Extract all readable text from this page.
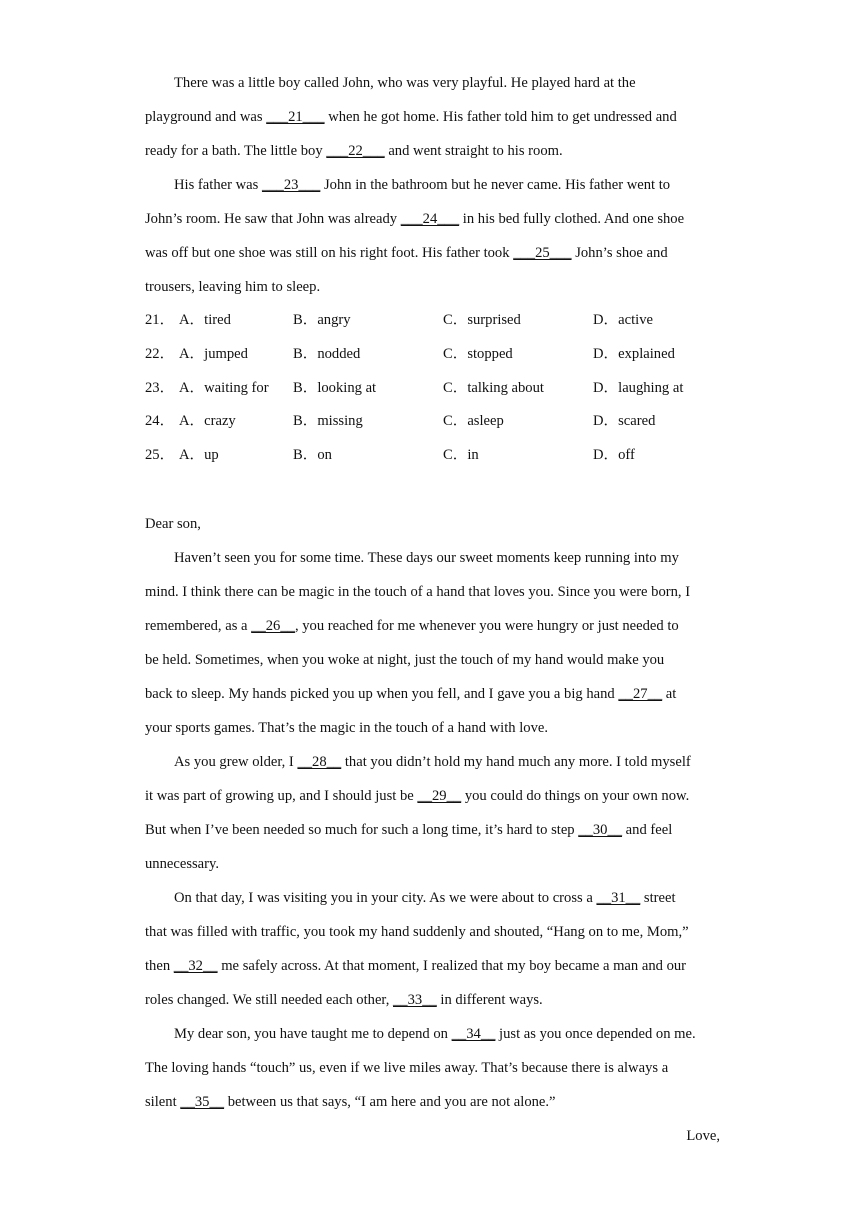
There was a little boy called John, who was very playful. He played hard at the
playground and was ___21___ when he got home. His father told him to get undressed and
ready for a bath. The little boy ___22___ and went straight to his room.
His father was ___23___ John in the bathroom but he never came. His father went to
John’s room. He saw that John was already ___24___ in his bed fully clothed. And one shoe
was off but one shoe was still on his right foot. His father took ___25___ John’s shoe and
trousers, leaving him to sleep.
21． A．tired	B．angry	C．surprised	D．active
22． A．jumped	B．nodded	C．stopped	D．explained
23． A．waiting for B．looking at	C．talking about	D．laughing at
24． A．crazy	B．missing	C．asleep	D．scared
25． A．up	B．on	C．in	D．off
Dear son,
Haven’t seen you for some time. These days our sweet moments keep running into my
mind. I think there can be magic in the touch of a hand that loves you. Since you were born, I
remembered, as a __26__, you reached for me whenever you were hungry or just needed to
be held. Sometimes, when you woke at night, just the touch of my hand would make you
back to sleep. My hands picked you up when you fell, and I gave you a big hand __27__ at
your sports games. That’s the magic in the touch of a hand with love.
As you grew older, I __28__ that you didn’t hold my hand much any more. I told myself
it was part of growing up, and I should just be __29__ you could do things on your own now.
But when I’ve been needed so much for such a long time, it’s hard to step __30__ and feel
unnecessary.
On that day, I was visiting you in your city. As we were about to cross a __31__ street
that was filled with traffic, you took my hand suddenly and shouted, “Hang on to me, Mom,”
then __32__ me safely across. At that moment, I realized that my boy became a man and our
roles changed. We still needed each other, __33__ in different ways.
My dear son, you have taught me to depend on __34__ just as you once depended on me.
The loving hands “touch” us, even if we live miles away. That’s because there is always a
silent __35__ between us that says, “I am here and you are not alone.”
Love,
